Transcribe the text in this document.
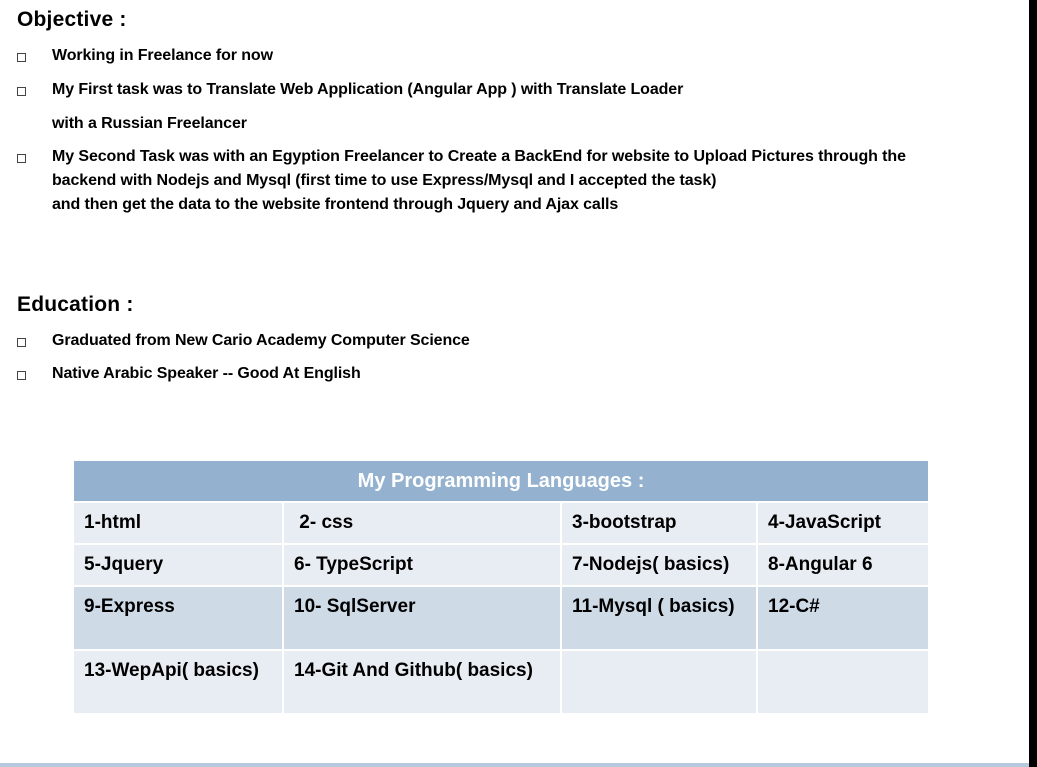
Objective :

Working in Freelance for now

My First task was to Translate Web Application (Angular App ) with Translate Loader

with a Russian Freelancer

My Second Task was with an Egyption Freelancer to Create a BackEnd for website to Upload Pictures through the

backend with Nodejs and Mysql (first time to use Express/Mysql and I accepted the task)

and then get the data to the website frontend through Jquery and Ajax calls

Education :

Graduated from New Cario Academy Computer Science

Native Arabic Speaker -- Good At English

My Programming Languages :			
1-html	2- css	3-bootstrap	4-JavaScript
5-Jquery	6- TypeScript	7-Nodejs( basics)	8-Angular 6
9-Express	10- SqlServer	11-Mysql ( basics)	12-C#
13-WepApi( basics)	14-Git And Github( basics)		
